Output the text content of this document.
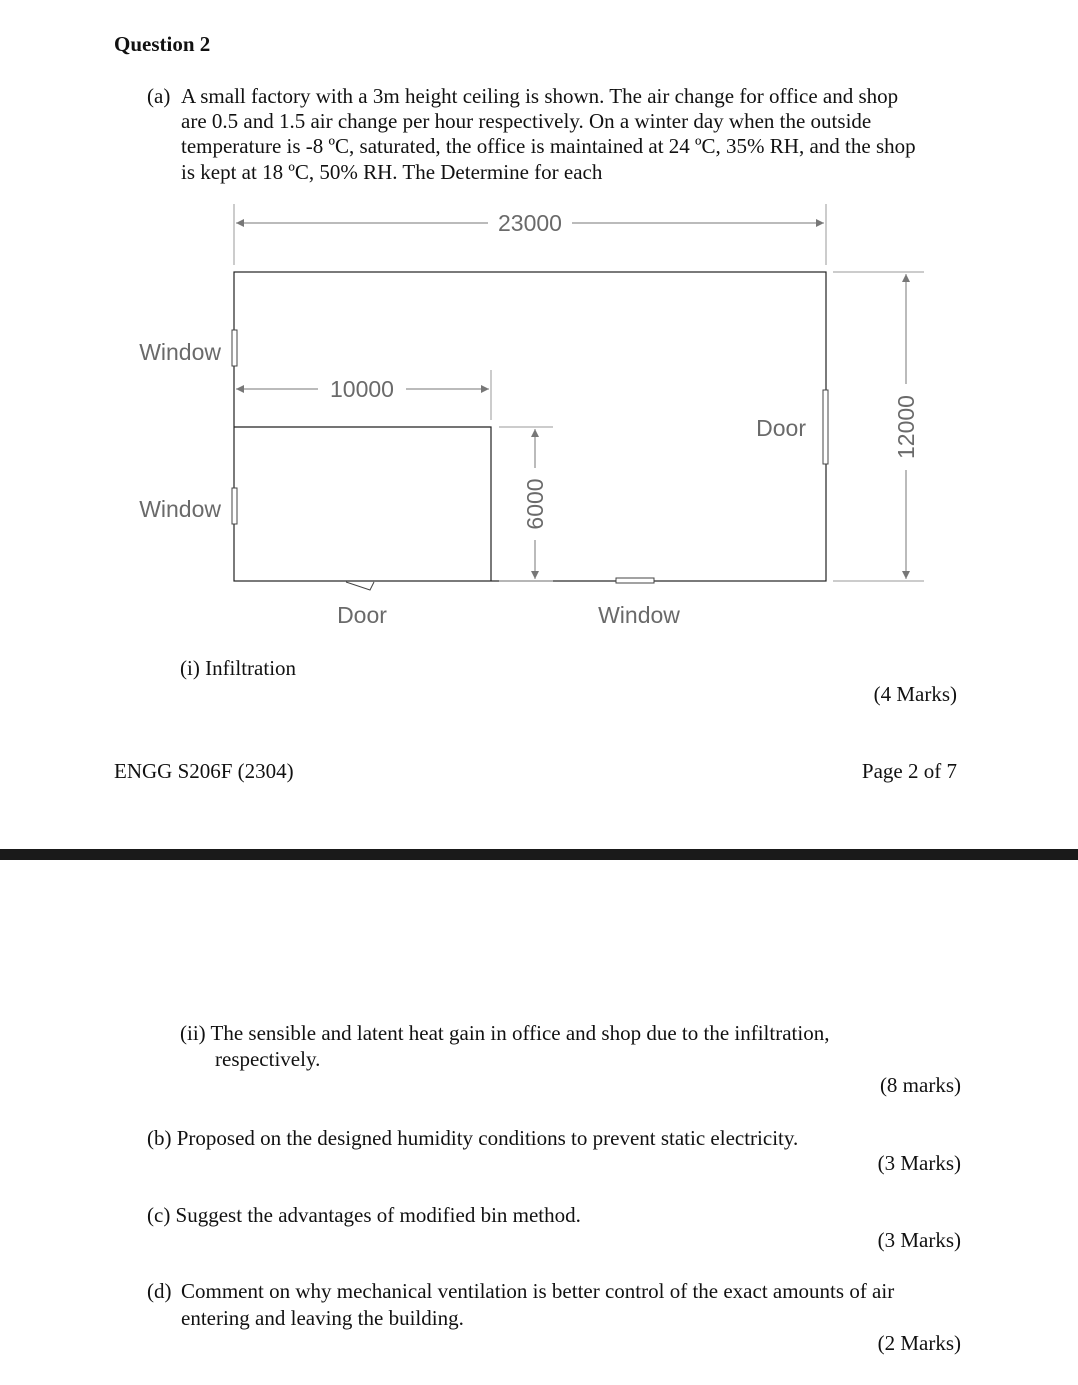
Question 2
(a) A small factory with a 3m height ceiling is shown. The air change for office and shop
are 0.5 and 1.5 air change per hour respectively. On a winter day when the outside
temperature is -8 ºC, saturated, the office is maintained at 24 ºC, 35% RH, and the shop
is kept at 18 ºC, 50% RH. The Determine for each
23000
10000
6000
12000
Window
Window
Door
Door	Window
(i) Infiltration
(4 Marks)
ENGG S206F (2304)	Page 2 of 7
(ii) The sensible and latent heat gain in office and shop due to the infiltration,
respectively.
(8 marks)
(b) Proposed on the designed humidity conditions to prevent static electricity.
(3 Marks)
(c) Suggest the advantages of modified bin method.
(3 Marks)
(d) Comment on why mechanical ventilation is better control of the exact amounts of air
entering and leaving the building.
(2 Marks)
